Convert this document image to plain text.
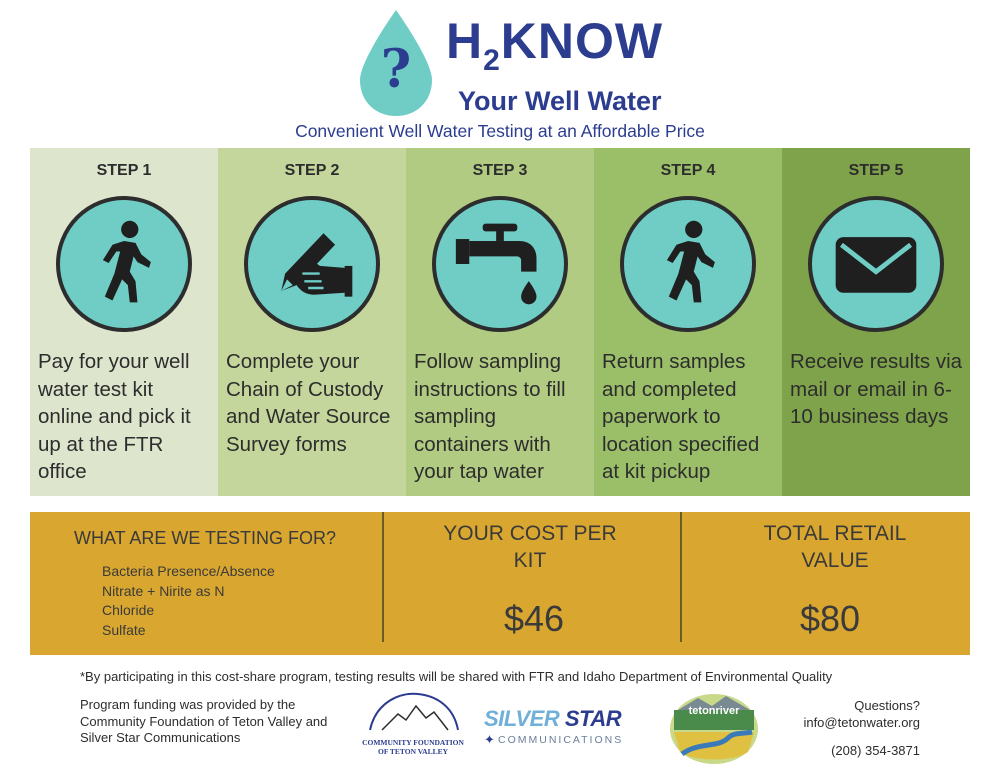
? $H_2KNOW$
Your Well Water
Convenient Well Water Testing at an Affordable Price
STEP 1
Pay for your well water test kit online and pick it up at the FTR office
STEP 2
Complete your Chain of Custody and Water Source Survey forms
STEP 3
Follow sampling instructions to fill sampling containers with your tap water
STEP 4
Return samples and completed paperwork to location specified at kit pickup
STEP 5
Receive results via mail or email in 6-10 business days
WHAT ARE WE TESTING FOR?
Bacteria Presence/Absence
Nitrate + Nirite as N
Chloride
Sulfate
YOUR COST PER KIT
$46
TOTAL RETAIL VALUE
$80
*By participating in this cost-share program, testing results will be shared with FTR and Idaho Department of Environmental Quality
Program funding was provided by the Community Foundation of Teton Valley and Silver Star Communications	COMMUNITY FOUNDATION OF TETON VALLEY
SILVER STAR
✦ COMMUNICATIONS
tetonriver	Questions?
info@tetonwater.org
(208) 354-3871
